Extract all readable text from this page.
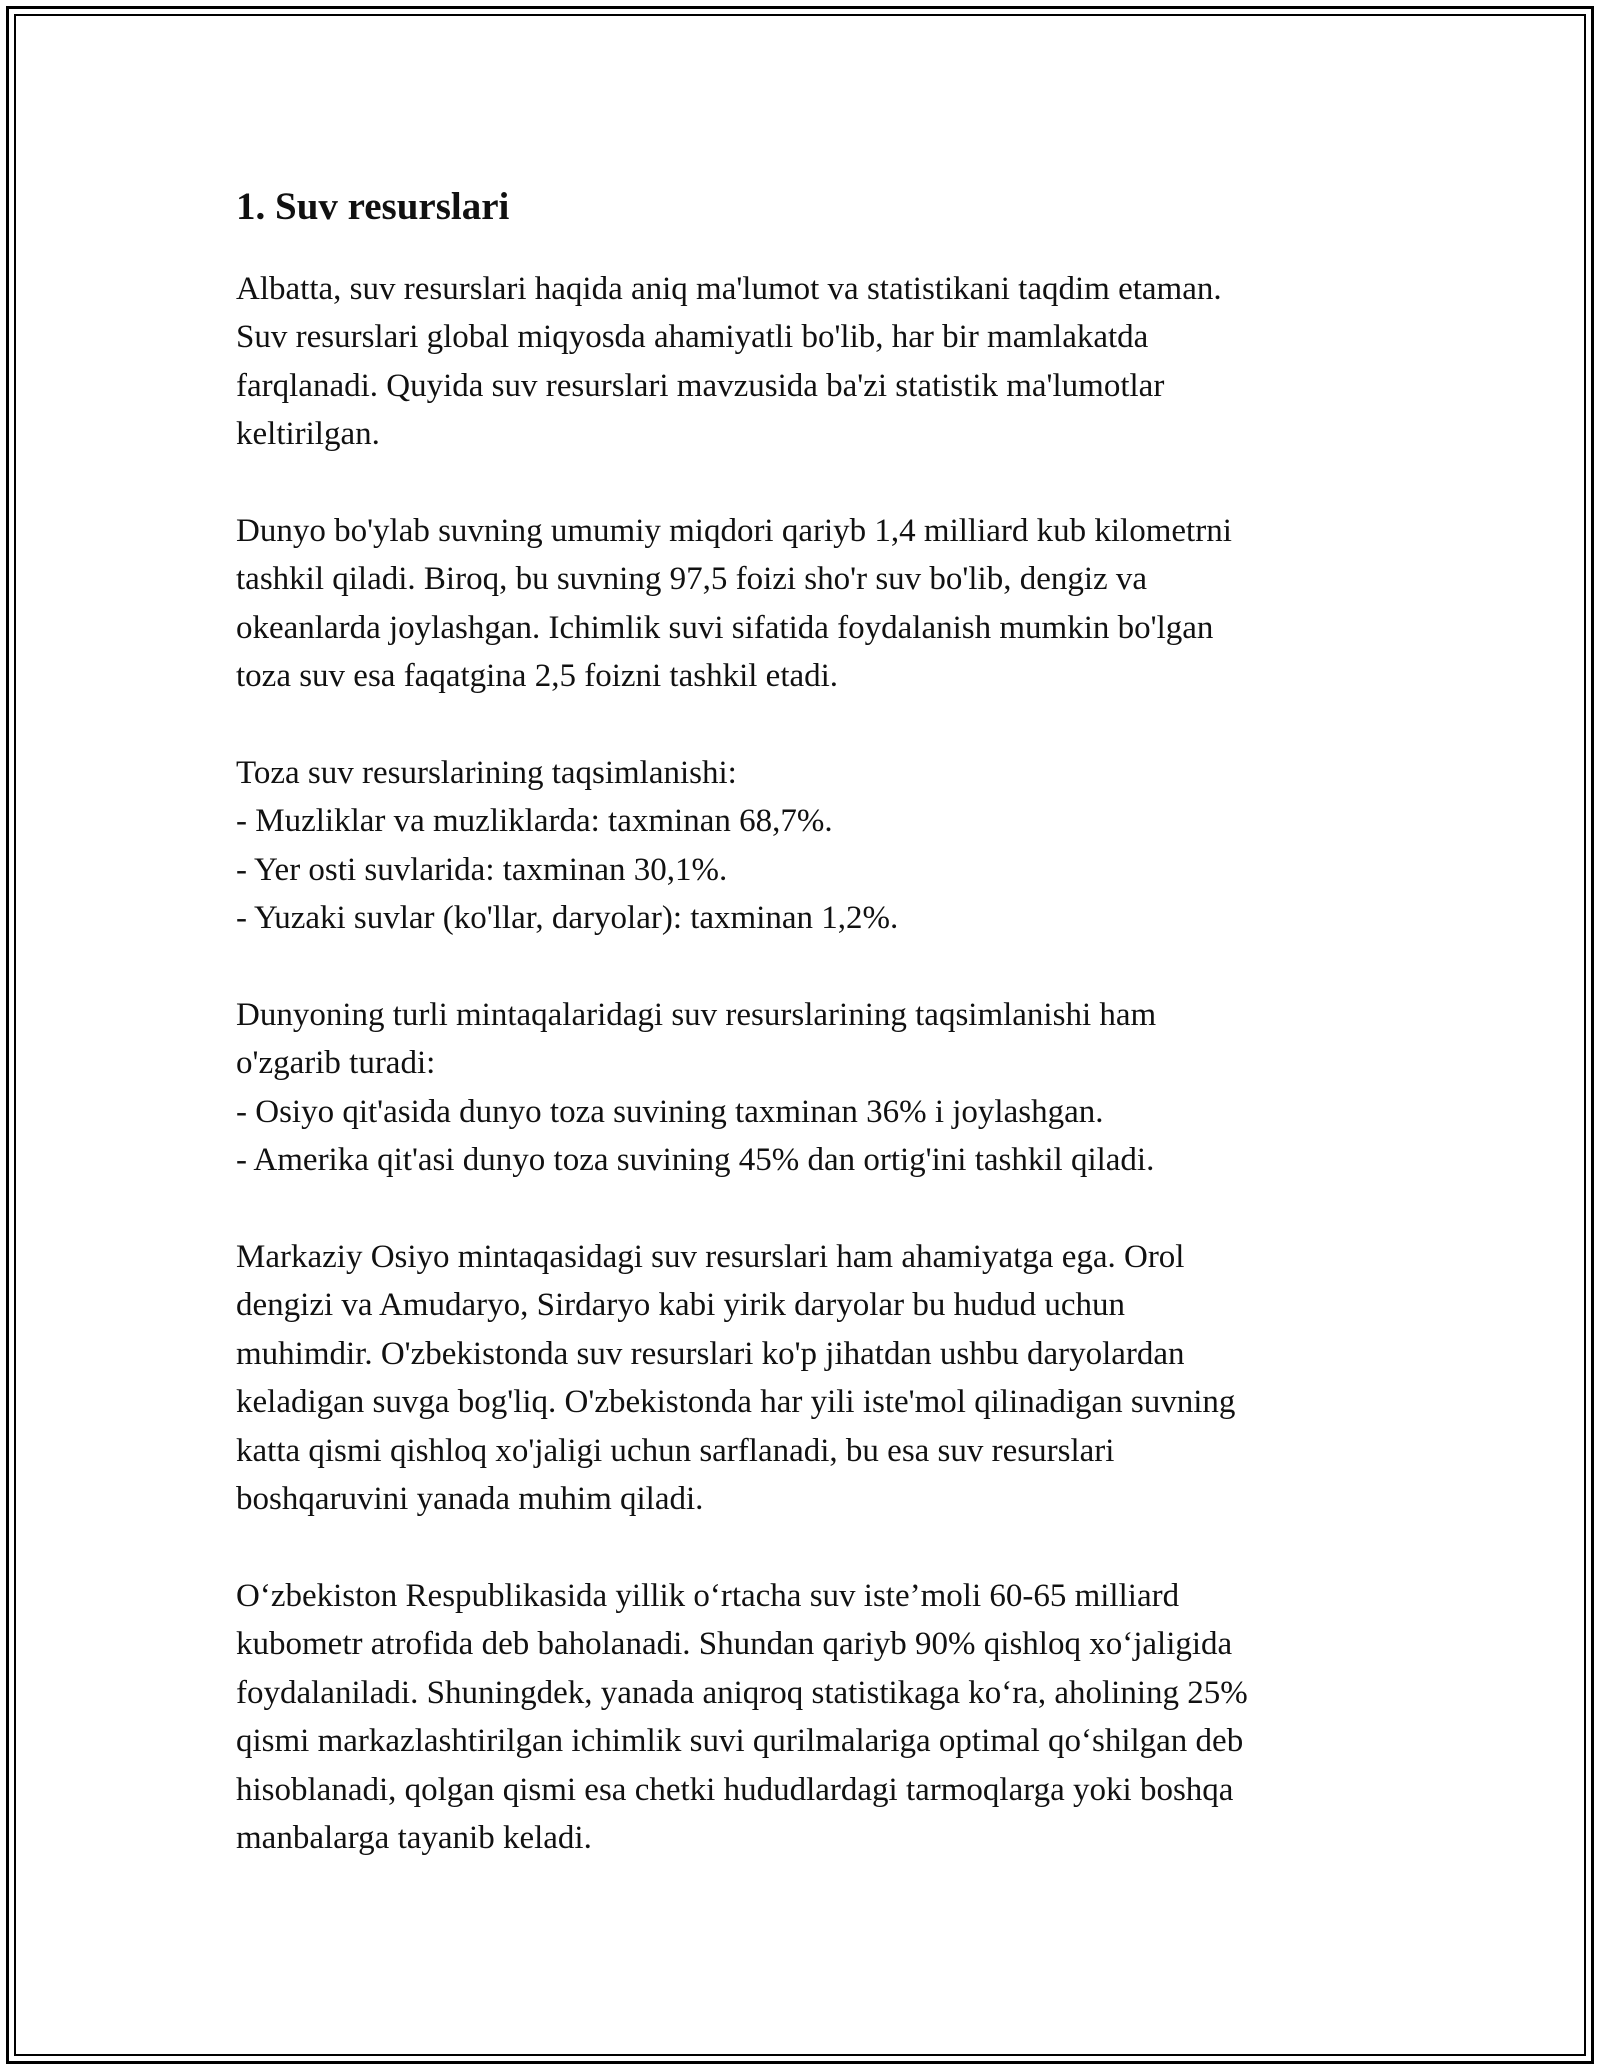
1. Suv resurslari

Albatta, suv resurslari haqida aniq ma'lumot va statistikani taqdim etaman.
Suv resurslari global miqyosda ahamiyatli bo'lib, har bir mamlakatda
farqlanadi. Quyida suv resurslari mavzusida ba'zi statistik ma'lumotlar
keltirilgan.

Dunyo bo'ylab suvning umumiy miqdori qariyb 1,4 milliard kub kilometrni
tashkil qiladi. Biroq, bu suvning 97,5 foizi sho'r suv bo'lib, dengiz va
okeanlarda joylashgan. Ichimlik suvi sifatida foydalanish mumkin bo'lgan
toza suv esa faqatgina 2,5 foizni tashkil etadi.

Toza suv resurslarining taqsimlanishi:
- Muzliklar va muzliklarda: taxminan 68,7%.
- Yer osti suvlarida: taxminan 30,1%.
- Yuzaki suvlar (ko'llar, daryolar): taxminan 1,2%.

Dunyoning turli mintaqalaridagi suv resurslarining taqsimlanishi ham
o'zgarib turadi:
- Osiyo qit'asida dunyo toza suvining taxminan 36% i joylashgan.
- Amerika qit'asi dunyo toza suvining 45% dan ortig'ini tashkil qiladi.

Markaziy Osiyo mintaqasidagi suv resurslari ham ahamiyatga ega. Orol
dengizi va Amudaryo, Sirdaryo kabi yirik daryolar bu hudud uchun
muhimdir. O'zbekistonda suv resurslari ko'p jihatdan ushbu daryolardan
keladigan suvga bog'liq. O'zbekistonda har yili iste'mol qilinadigan suvning
katta qismi qishloq xo'jaligi uchun sarflanadi, bu esa suv resurslari
boshqaruvini yanada muhim qiladi.

O‘zbekiston Respublikasida yillik o‘rtacha suv iste’moli 60-65 milliard
kubometr atrofida deb baholanadi. Shundan qariyb 90% qishloq xo‘jaligida
foydalaniladi. Shuningdek, yanada aniqroq statistikaga ko‘ra, aholining 25%
qismi markazlashtirilgan ichimlik suvi qurilmalariga optimal qo‘shilgan deb
hisoblanadi, qolgan qismi esa chetki hududlardagi tarmoqlarga yoki boshqa
manbalarga tayanib keladi.
